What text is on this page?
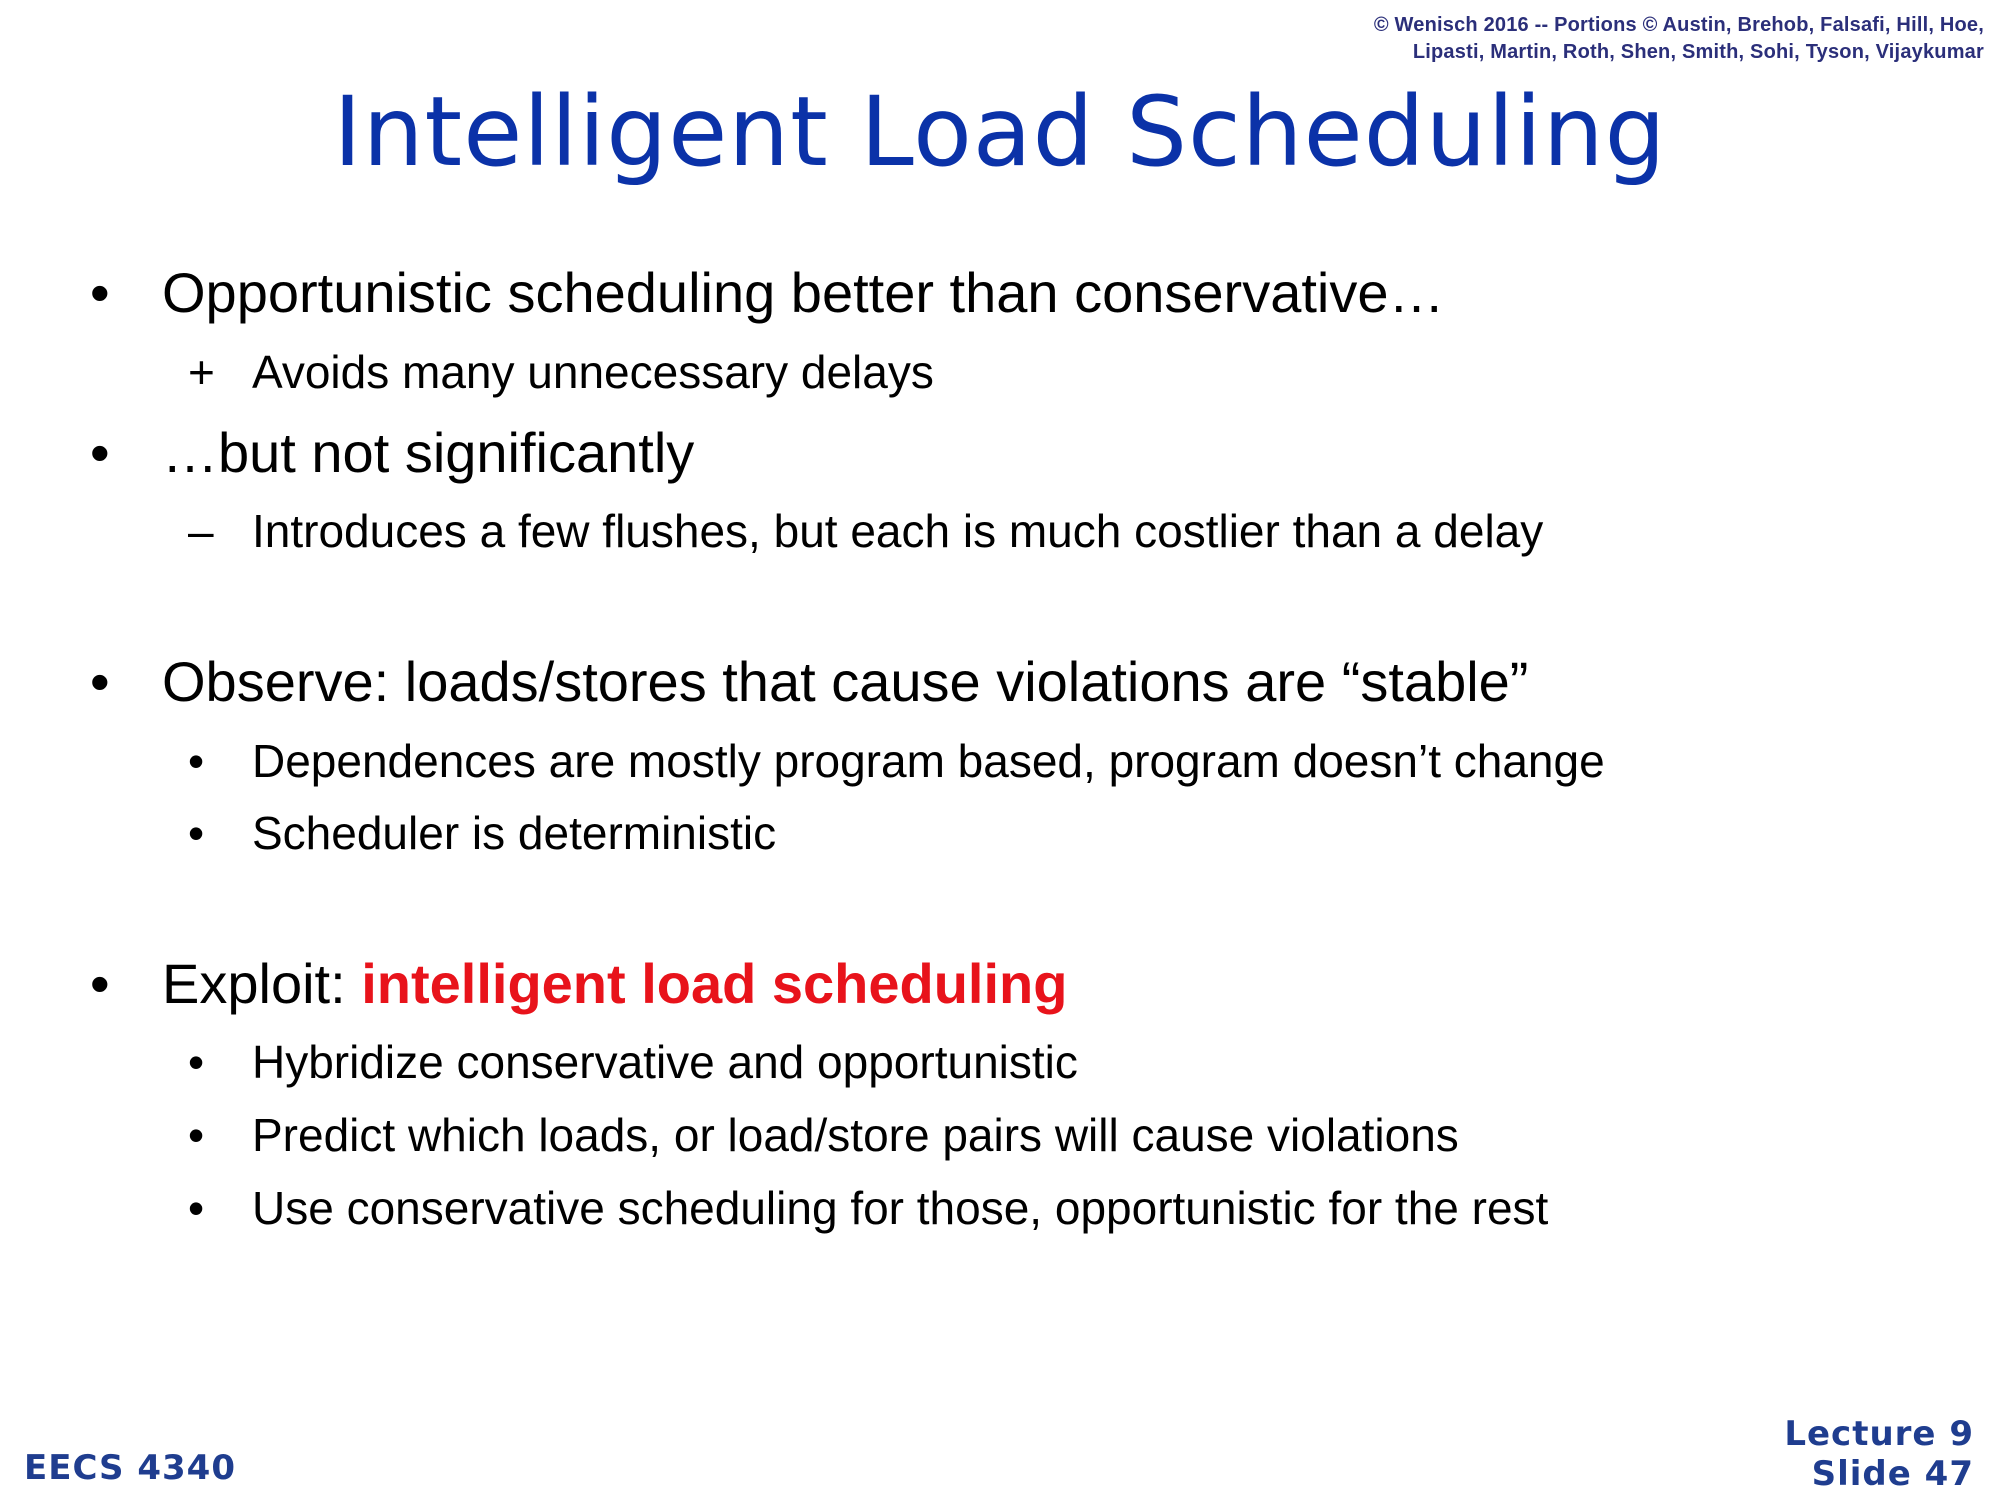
© Wenisch 2016 -- Portions © Austin, Brehob, Falsafi, Hill, Hoe,
Lipasti, Martin, Roth, Shen, Smith, Sohi, Tyson, Vijaykumar
Intelligent Load Scheduling
• Opportunistic scheduling better than conservative…
+ Avoids many unnecessary delays
• …but not significantly
– Introduces a few flushes, but each is much costlier than a delay
• Observe: loads/stores that cause violations are “stable”
•	Dependences are mostly program based, program doesn’t change
•	Scheduler is deterministic
• Exploit: intelligent load scheduling
•	Hybridize conservative and opportunistic
•	Predict which loads, or load/store pairs will cause violations
•	Use conservative scheduling for those, opportunistic for the rest
EECS 4340
Lecture 9
Slide 47
